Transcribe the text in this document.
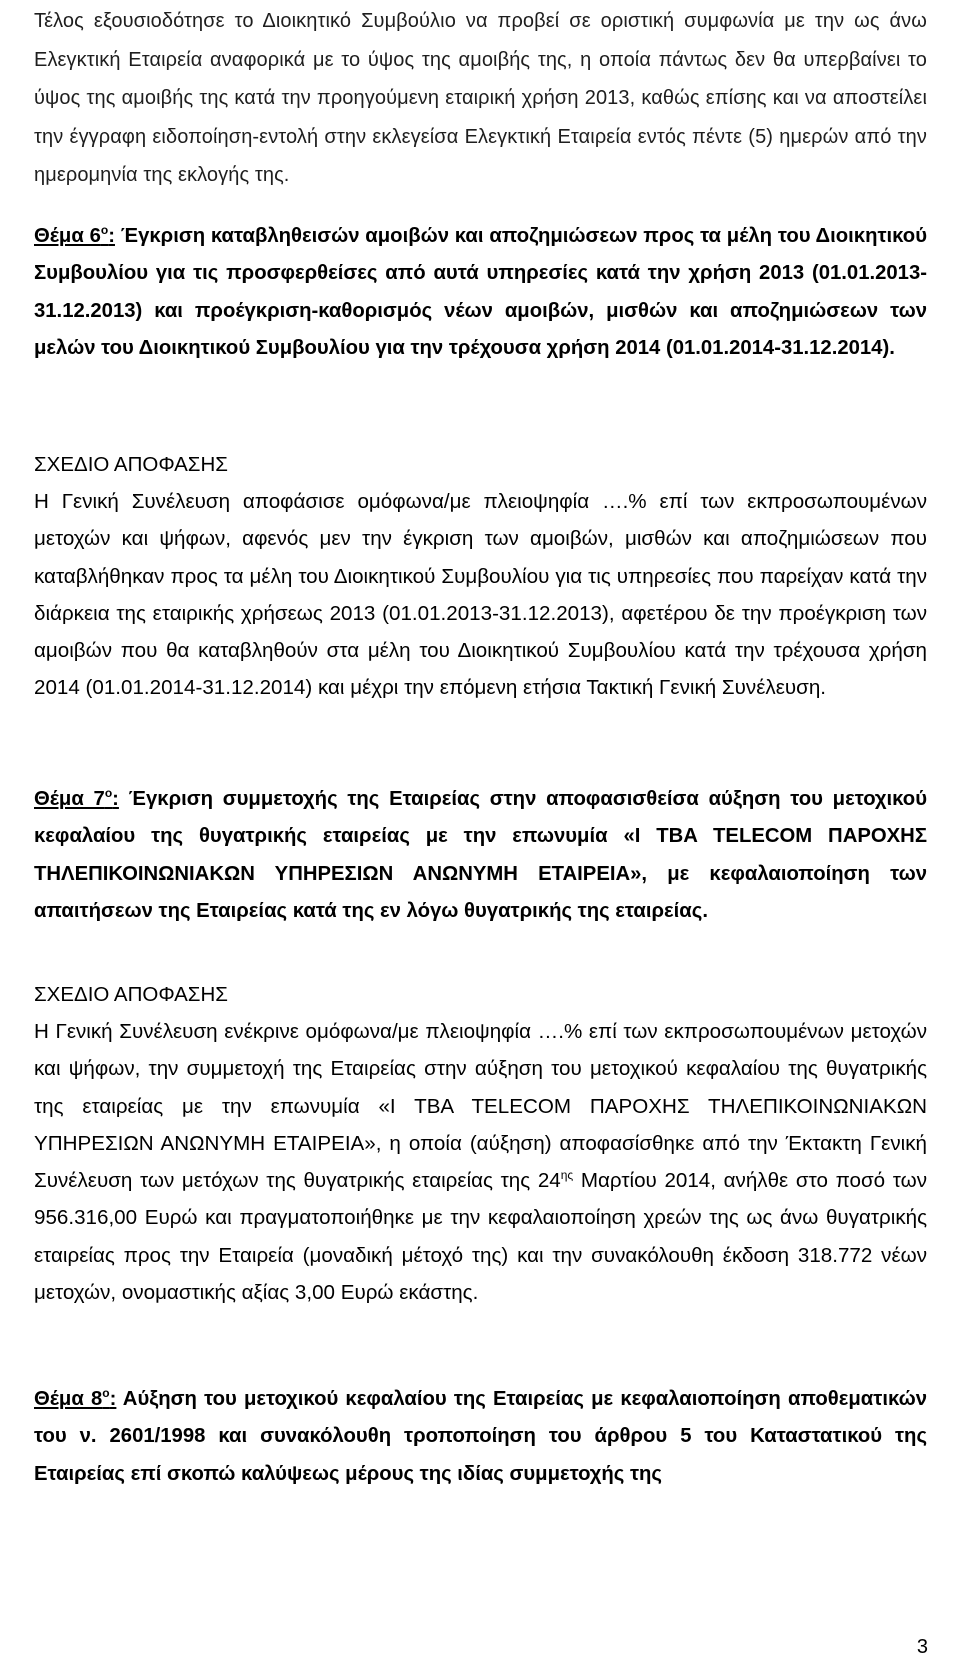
Τέλος εξουσιοδότησε το Διοικητικό Συμβούλιο να προβεί σε οριστική συμφωνία με την ως άνω Ελεγκτική Εταιρεία αναφορικά με το ύψος της αμοιβής της, η οποία πάντως δεν θα υπερβαίνει το ύψος της αμοιβής της κατά την προηγούμενη εταιρική χρήση 2013, καθώς επίσης και να αποστείλει την έγγραφη ειδοποίηση-εντολή στην εκλεγείσα Ελεγκτική Εταιρεία εντός πέντε (5) ημερών από την ημερομηνία της εκλογής της.

Θέμα $6^o$: Έγκριση καταβληθεισών αμοιβών και αποζημιώσεων προς τα μέλη του Διοικητικού Συμβουλίου για τις προσφερθείσες από αυτά υπηρεσίες κατά την χρήση 2013 (01.01.2013-31.12.2013) και προέγκριση-καθορισμός νέων αμοιβών, μισθών και αποζημιώσεων των μελών του Διοικητικού Συμβουλίου για την τρέχουσα χρήση 2014 (01.01.2014-31.12.2014).

ΣΧΕΔΙΟ ΑΠΟΦΑΣΗΣ

Η Γενική Συνέλευση αποφάσισε ομόφωνα/με πλειοψηφία ….% επί των εκπροσωπουμένων μετοχών και ψήφων, αφενός μεν την έγκριση των αμοιβών, μισθών και αποζημιώσεων που καταβλήθηκαν προς τα μέλη του Διοικητικού Συμβουλίου για τις υπηρεσίες που παρείχαν κατά την διάρκεια της εταιρικής χρήσεως 2013 (01.01.2013-31.12.2013), αφετέρου δε την προέγκριση των αμοιβών που θα καταβληθούν στα μέλη του Διοικητικού Συμβουλίου κατά την τρέχουσα χρήση 2014 (01.01.2014-31.12.2014) και μέχρι την επόμενη ετήσια Τακτική Γενική Συνέλευση.

Θέμα $7^o$: Έγκριση συμμετοχής της Εταιρείας στην αποφασισθείσα αύξηση του μετοχικού κεφαλαίου της θυγατρικής εταιρείας με την επωνυμία «I TBA TELECOM ΠΑΡΟΧΗΣ ΤΗΛΕΠΙΚΟΙΝΩΝΙΑΚΩΝ ΥΠΗΡΕΣΙΩΝ ΑΝΩΝΥΜΗ ΕΤΑΙΡΕΙΑ», με κεφαλαιοποίηση των απαιτήσεων της Εταιρείας κατά της εν λόγω θυγατρικής της εταιρείας.

ΣΧΕΔΙΟ ΑΠΟΦΑΣΗΣ

Η Γενική Συνέλευση ενέκρινε ομόφωνα/με πλειοψηφία ….% επί των εκπροσωπουμένων μετοχών και ψήφων, την συμμετοχή της Εταιρείας στην αύξηση του μετοχικού κεφαλαίου της θυγατρικής της εταιρείας με την επωνυμία «I TBA TELECOM ΠΑΡΟΧΗΣ ΤΗΛΕΠΙΚΟΙΝΩΝΙΑΚΩΝ ΥΠΗΡΕΣΙΩΝ ΑΝΩΝΥΜΗ ΕΤΑΙΡΕΙΑ», η οποία (αύξηση) αποφασίσθηκε από την Έκτακτη Γενική Συνέλευση των μετόχων της θυγατρικής εταιρείας της $24^{\eta\varsigma}$ Μαρτίου 2014, ανήλθε στο ποσό των 956.316,00 Ευρώ και πραγματοποιήθηκε με την κεφαλαιοποίηση χρεών της ως άνω θυγατρικής εταιρείας προς την Εταιρεία (μοναδική μέτοχό της) και την συνακόλουθη έκδοση 318.772 νέων μετοχών, ονομαστικής αξίας 3,00 Ευρώ εκάστης.

Θέμα $8^o$: Αύξηση του μετοχικού κεφαλαίου της Εταιρείας με κεφαλαιοποίηση αποθεματικών του ν. 2601/1998 και συνακόλουθη τροποποίηση του άρθρου 5 του Καταστατικού της Εταιρείας επί σκοπώ καλύψεως μέρους της ιδίας συμμετοχής της

3
